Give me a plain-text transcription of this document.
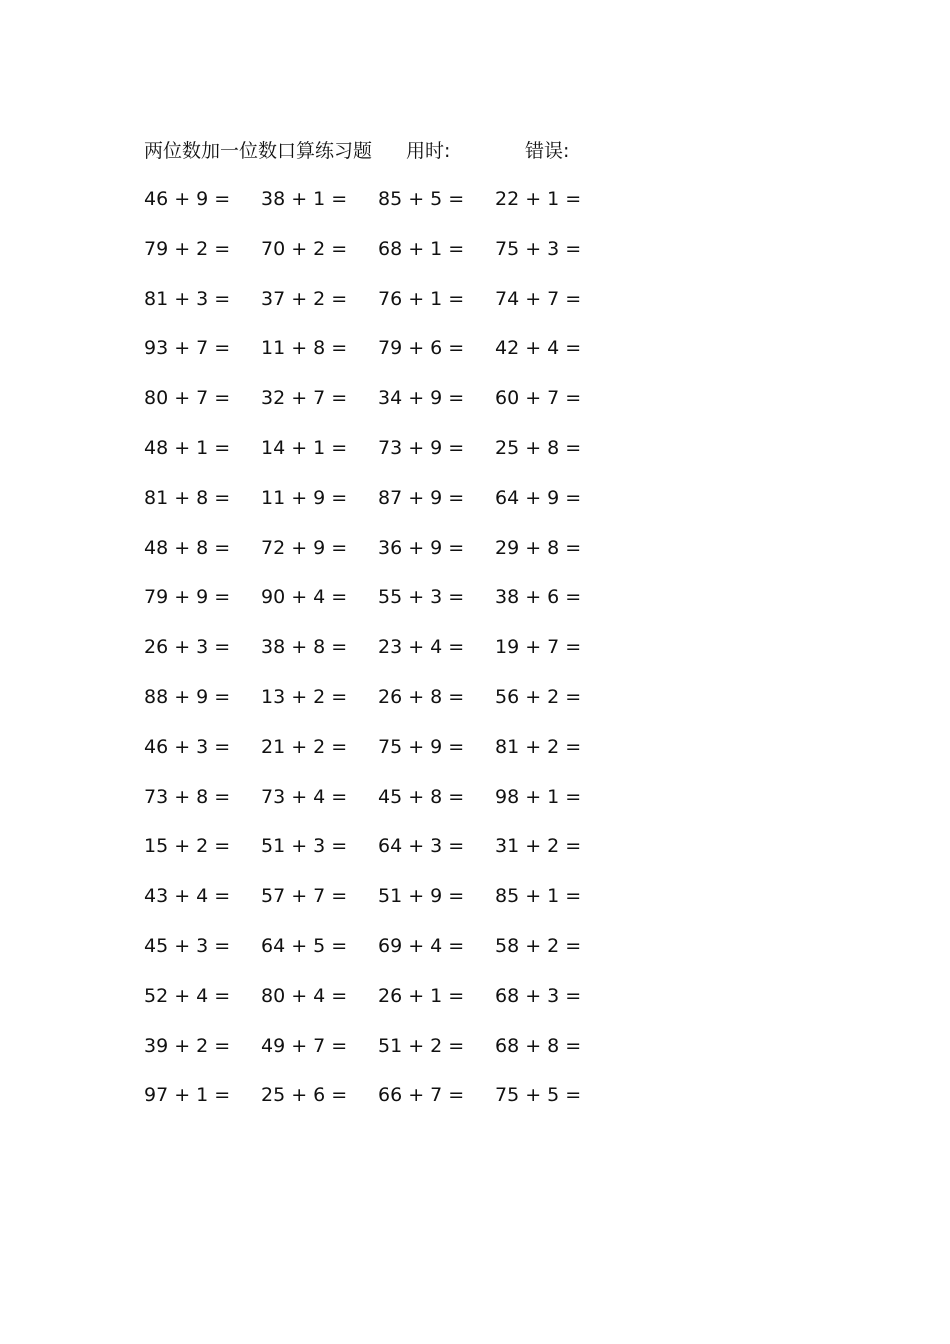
两位数加一位数口算练习题 用时:	错误:
46 + 9 =	38 + 1 =	85 + 5 =	22 + 1 =
79 + 2 =	70 + 2 =	68 + 1 =	75 + 3 =
81 + 3 =	37 + 2 =	76 + 1 =	74 + 7 =
93 + 7 =	11 + 8 =	79 + 6 =	42 + 4 =
80 + 7 =	32 + 7 =	34 + 9 =	60 + 7 =
48 + 1 =	14 + 1 =	73 + 9 =	25 + 8 =
81 + 8 =	11 + 9 =	87 + 9 =	64 + 9 =
48 + 8 =	72 + 9 =	36 + 9 =	29 + 8 =
79 + 9 =	90 + 4 =	55 + 3 =	38 + 6 =
26 + 3 =	38 + 8 =	23 + 4 =	19 + 7 =
88 + 9 =	13 + 2 =	26 + 8 =	56 + 2 =
46 + 3 =	21 + 2 =	75 + 9 =	81 + 2 =
73 + 8 =	73 + 4 =	45 + 8 =	98 + 1 =
15 + 2 =	51 + 3 =	64 + 3 =	31 + 2 =
43 + 4 =	57 + 7 =	51 + 9 =	85 + 1 =
45 + 3 =	64 + 5 =	69 + 4 =	58 + 2 =
52 + 4 =	80 + 4 =	26 + 1 =	68 + 3 =
39 + 2 =	49 + 7 =	51 + 2 =	68 + 8 =
97 + 1 =	25 + 6 =	66 + 7 =	75 + 5 =
